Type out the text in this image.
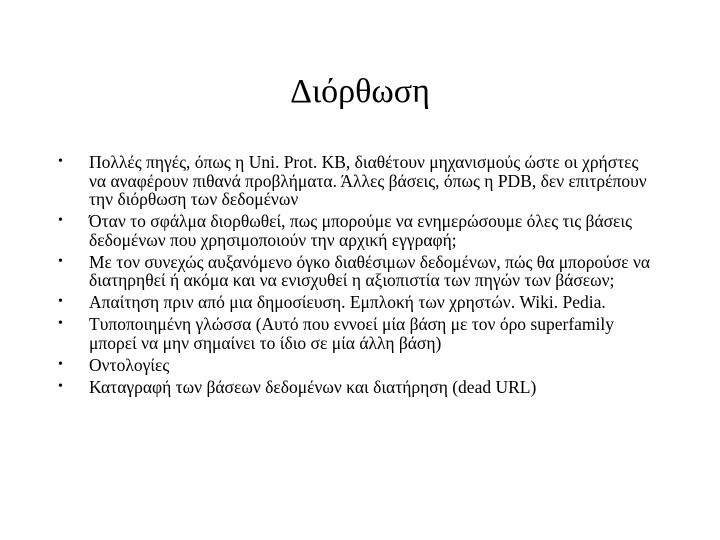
Διόρθωση
•	Πολλές πηγές, όπως η Uni. Prot. KB, διαθέτουν μηχανισμούς ώστε οι χρήστες να αναφέρουν πιθανά προβλήματα. Άλλες βάσεις, όπως η PDB, δεν επιτρέπουν την διόρθωση των δεδομένων
•	Όταν το σφάλμα διορθωθεί, πως μπορούμε να ενημερώσουμε όλες τις βάσεις δεδομένων που χρησιμοποιούν την αρχική εγγραφή;
•	Με τον συνεχώς αυξανόμενο όγκο διαθέσιμων δεδομένων, πώς θα μπορούσε να διατηρηθεί ή ακόμα και να ενισχυθεί η αξιοπιστία των πηγών των βάσεων;
•	Απαίτηση πριν από μια δημοσίευση. Εμπλοκή των χρηστών. Wiki. Pedia.
•	Τυποποιημένη γλώσσα (Αυτό που εννοεί μία βάση με τον όρο superfamily μπορεί να μην σημαίνει το ίδιο σε μία άλλη βάση)
•	Οντολογίες
•	Καταγραφή των βάσεων δεδομένων και διατήρηση (dead URL)
